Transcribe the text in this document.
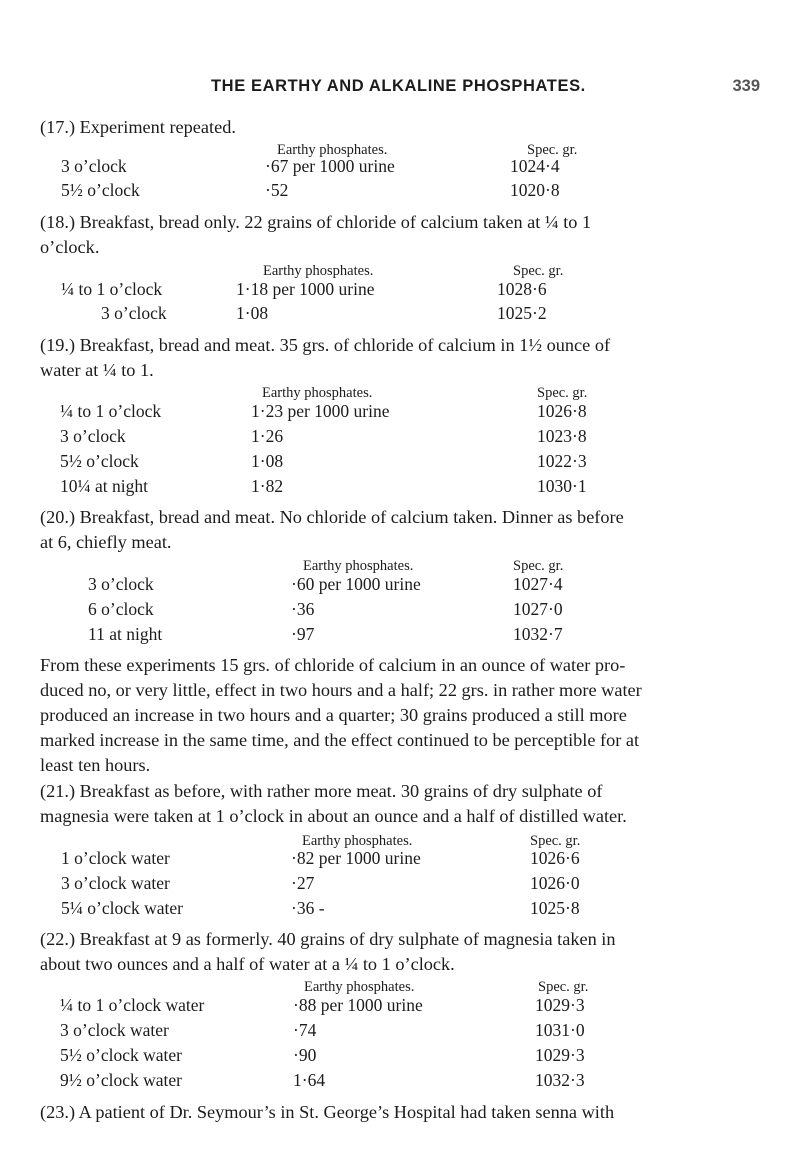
THE EARTHY AND ALKALINE PHOSPHATES.	339
(17.) Experiment repeated.
Earthy phosphates.	Spec. gr.
3 o’clock	·67 per 1000 urine	1024·4
5½ o’clock	·52	1020·8
(18.) Breakfast, bread only. 22 grains of chloride of calcium taken at ¼ to 1
o’clock.
Earthy phosphates.	Spec. gr.
¼ to 1 o’clock	1·18 per 1000 urine	1028·6
3 o’clock	1·08	1025·2
(19.) Breakfast, bread and meat. 35 grs. of chloride of calcium in 1½ ounce of
water at ¼ to 1.
Earthy phosphates.	Spec. gr.
¼ to 1 o’clock	1·23 per 1000 urine	1026·8
3 o’clock	1·26	1023·8
5½ o’clock	1·08	1022·3
10¼ at night	1·82	1030·1
(20.) Breakfast, bread and meat. No chloride of calcium taken. Dinner as before
at 6, chiefly meat.
Earthy phosphates.	Spec. gr.
3 o’clock	·60 per 1000 urine	1027·4
6 o’clock	·36	1027·0
11 at night	·97	1032·7
From these experiments 15 grs. of chloride of calcium in an ounce of water pro-
duced no, or very little, effect in two hours and a half; 22 grs. in rather more water
produced an increase in two hours and a quarter; 30 grains produced a still more
marked increase in the same time, and the effect continued to be perceptible for at
least ten hours.
(21.) Breakfast as before, with rather more meat. 30 grains of dry sulphate of
magnesia were taken at 1 o’clock in about an ounce and a half of distilled water.
Earthy phosphates.	Spec. gr.
1 o’clock water	·82 per 1000 urine	1026·6
3 o’clock water	·27	1026·0
5¼ o’clock water	·36 -	1025·8
(22.) Breakfast at 9 as formerly. 40 grains of dry sulphate of magnesia taken in
about two ounces and a half of water at a ¼ to 1 o’clock.
Earthy phosphates.	Spec. gr.
¼ to 1 o’clock water	·88 per 1000 urine	1029·3
3 o’clock water	·74	1031·0
5½ o’clock water	·90	1029·3
9½ o’clock water	1·64	1032·3
(23.) A patient of Dr. Seymour’s in St. George’s Hospital had taken senna with
